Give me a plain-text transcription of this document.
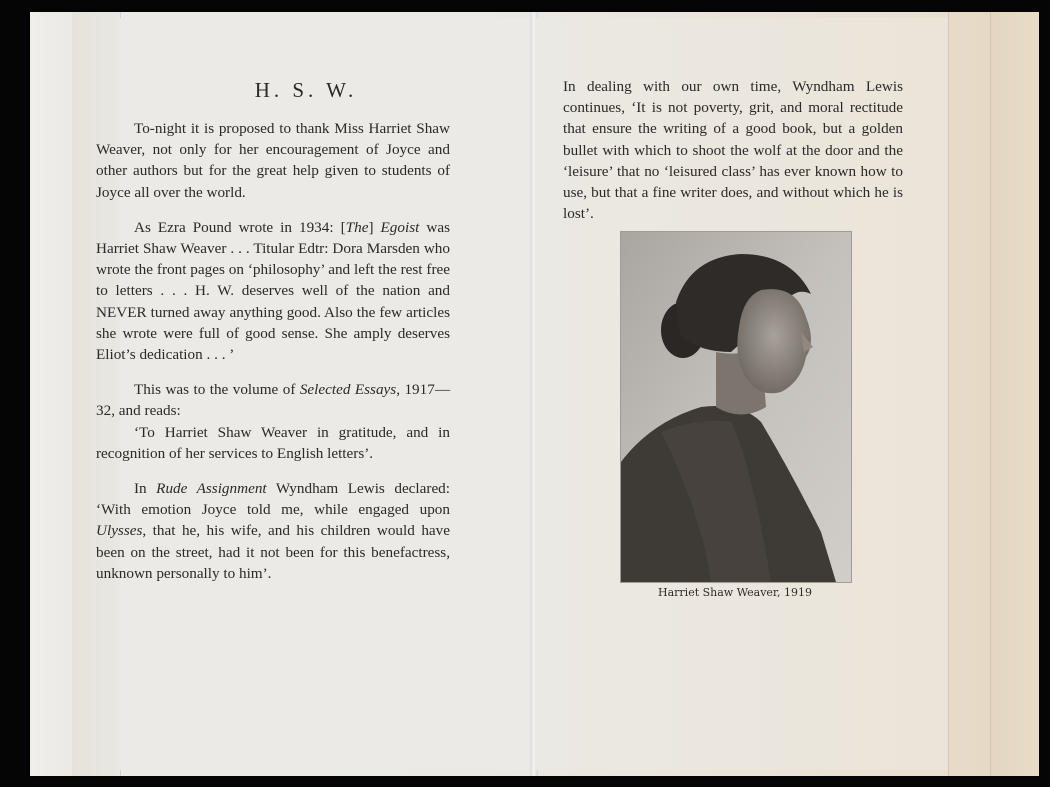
H. S. W.

To-night it is proposed to thank Miss Harriet Shaw Weaver, not only for her encouragement of Joyce and other authors but for the great help given to students of Joyce all over the world.

As Ezra Pound wrote in 1934: [The] Egoist was Harriet Shaw Weaver . . . Titular Edtr: Dora Marsden who wrote the front pages on ‘philosophy’ and left the rest free to letters . . . H. W. deserves well of the nation and NEVER turned away anything good. Also the few articles she wrote were full of good sense. She amply deserves Eliot’s dedication . . . ’

This was to the volume of Selected Essays, 1917—32, and reads:

‘To Harriet Shaw Weaver in gratitude, and in recognition of her services to English letters’.

In Rude Assignment Wyndham Lewis declared: ‘With emotion Joyce told me, while engaged upon Ulysses, that he, his wife, and his children would have been on the street, had it not been for this benefactress, unknown personally to him’.

In dealing with our own time, Wyndham Lewis continues, ‘It is not poverty, grit, and moral rectitude that ensure the writing of a good book, but a golden bullet with which to shoot the wolf at the door and the ‘leisure’ that no ‘leisured class’ has ever known how to use, but that a fine writer does, and without which he is lost’.

Harriet Shaw Weaver, 1919
